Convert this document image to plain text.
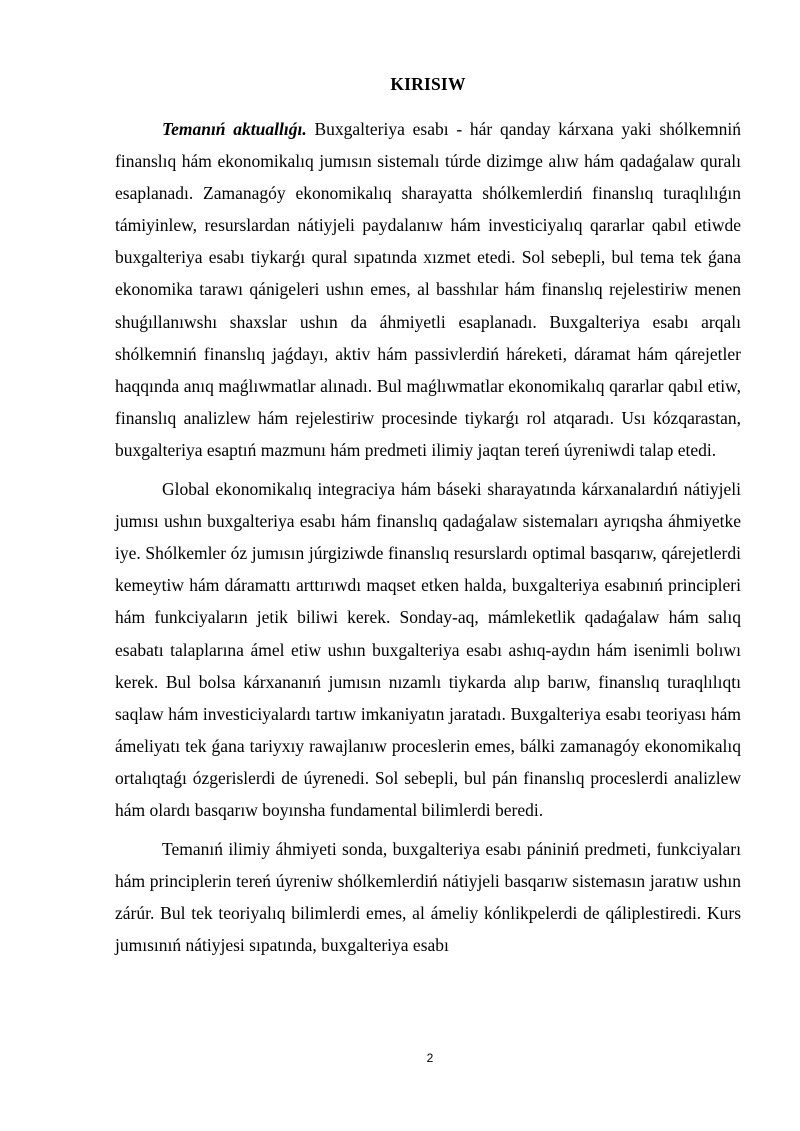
KIRISIW

Temanıń aktuallıǵı. Buxgalteriya esabı - hár qanday kárxana yaki shólkemniń finanslıq hám ekonomikalıq jumısın sistemalı túrde dizimge alıw hám qadaǵalaw quralı esaplanadı. Zamanagóy ekonomikalıq sharayatta shólkemlerdiń finanslıq turaqlılıǵın támiyinlew, resurslardan nátiyjeli paydalanıw hám investiciyalıq qararlar qabıl etiwde buxgalteriya esabı tiykarǵı qural sıpatında xızmet etedi. Sol sebepli, bul tema tek ǵana ekonomika tarawı qánigeleri ushın emes, al basshılar hám finanslıq rejelestiriw menen shuǵıllanıwshı shaxslar ushın da áhmiyetli esaplanadı. Buxgalteriya esabı arqalı shólkemniń finanslıq jaǵdayı, aktiv hám passivlerdiń háreketi, dáramat hám qárejetler haqqında anıq maǵlıwmatlar alınadı. Bul maǵlıwmatlar ekonomikalıq qararlar qabıl etiw, finanslıq analizlew hám rejelestiriw procesinde tiykarǵı rol atqaradı. Usı kózqarastan, buxgalteriya esaptıń mazmunı hám predmeti ilimiy jaqtan tereń úyreniwdi talap etedi.

Global ekonomikalıq integraciya hám báseki sharayatında kárxanalardıń nátiyjeli jumısı ushın buxgalteriya esabı hám finanslıq qadaǵalaw sistemaları ayrıqsha áhmiyetke iye. Shólkemler óz jumısın júrgiziwde finanslıq resurslardı optimal basqarıw, qárejetlerdi kemeytiw hám dáramattı arttırıwdı maqset etken halda, buxgalteriya esabınıń principleri hám funkciyaların jetik biliwi kerek. Sonday-aq, mámleketlik qadaǵalaw hám salıq esabatı talaplarına ámel etiw ushın buxgalteriya esabı ashıq-aydın hám isenimli bolıwı kerek. Bul bolsa kárxananıń jumısın nızamlı tiykarda alıp barıw, finanslıq turaqlılıqtı saqlaw hám investiciyalardı tartıw imkaniyatın jaratadı. Buxgalteriya esabı teoriyası hám ámeliyatı tek ǵana tariyxıy rawajlanıw proceslerin emes, bálki zamanagóy ekonomikalıq ortalıqtaǵı ózgerislerdi de úyrenedi. Sol sebepli, bul pán finanslıq proceslerdi analizlew hám olardı basqarıw boyınsha fundamental bilimlerdi beredi.

Temanıń ilimiy áhmiyeti sonda, buxgalteriya esabı pániniń predmeti, funkciyaları hám principlerin tereń úyreniw shólkemlerdiń nátiyjeli basqarıw sistemasın jaratıw ushın zárúr. Bul tek teoriyalıq bilimlerdi emes, al ámeliy kónlikpelerdi de qáliplestiredi. Kurs jumısınıń nátiyjesi sıpatında, buxgalteriya esabı

2
